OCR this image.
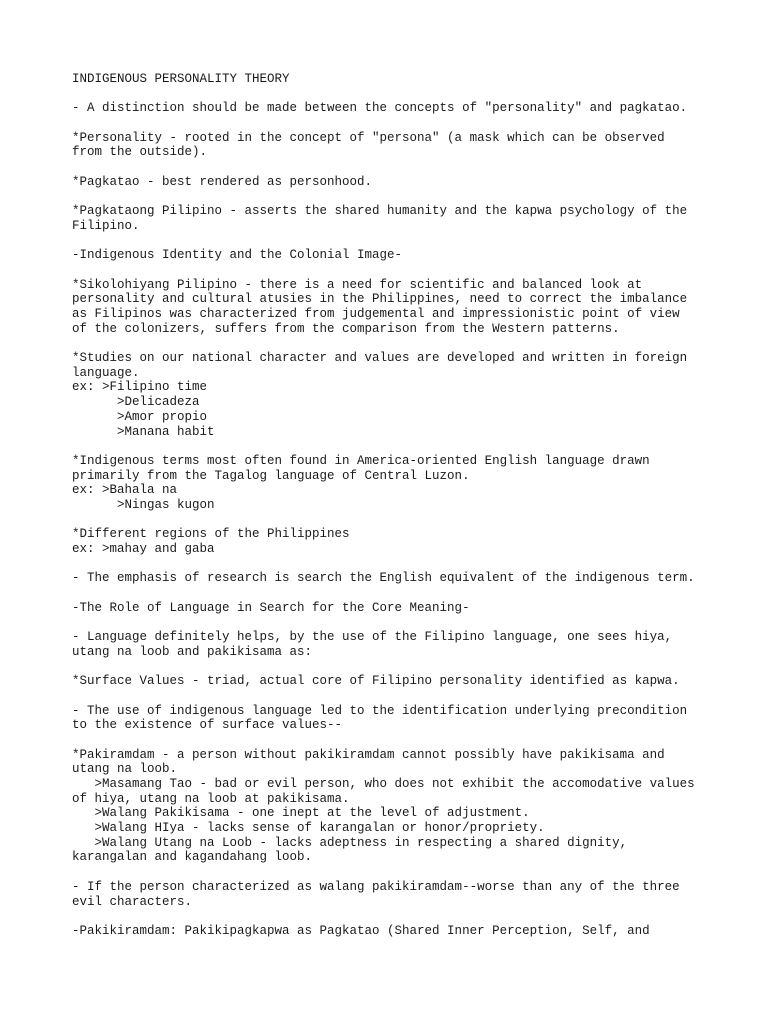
INDIGENOUS PERSONALITY THEORY
- A distinction should be made between the concepts of "personality" and pagkatao.
*Personality - rooted in the concept of "persona" (a mask which can be observed
from the outside).
*Pagkatao - best rendered as personhood.
*Pagkataong Pilipino - asserts the shared humanity and the kapwa psychology of the
Filipino.
-Indigenous Identity and the Colonial Image-
*Sikolohiyang Pilipino - there is a need for scientific and balanced look at
personality and cultural atusies in the Philippines, need to correct the imbalance
as Filipinos was characterized from judgemental and impressionistic point of view
of the colonizers, suffers from the comparison from the Western patterns.
*Studies on our national character and values are developed and written in foreign
language.
ex: >Filipino time
>Delicadeza
>Amor propio
>Manana habit
*Indigenous terms most often found in America-oriented English language drawn
primarily from the Tagalog language of Central Luzon.
ex: >Bahala na
>Ningas kugon
*Different regions of the Philippines
ex: >mahay and gaba
- The emphasis of research is search the English equivalent of the indigenous term.
-The Role of Language in Search for the Core Meaning-
- Language definitely helps, by the use of the Filipino language, one sees hiya,
utang na loob and pakikisama as:
*Surface Values - triad, actual core of Filipino personality identified as kapwa.
- The use of indigenous language led to the identification underlying precondition
to the existence of surface values--
*Pakiramdam - a person without pakikiramdam cannot possibly have pakikisama and
utang na loob.
>Masamang Tao - bad or evil person, who does not exhibit the accomodative values
of hiya, utang na loob at pakikisama.
>Walang Pakikisama - one inept at the level of adjustment.
>Walang HIya - lacks sense of karangalan or honor/propriety.
>Walang Utang na Loob - lacks adeptness in respecting a shared dignity,
karangalan and kagandahang loob.
- If the person characterized as walang pakikiramdam--worse than any of the three
evil characters.
-Pakikiramdam: Pakikipagkapwa as Pagkatao (Shared Inner Perception, Self, and
